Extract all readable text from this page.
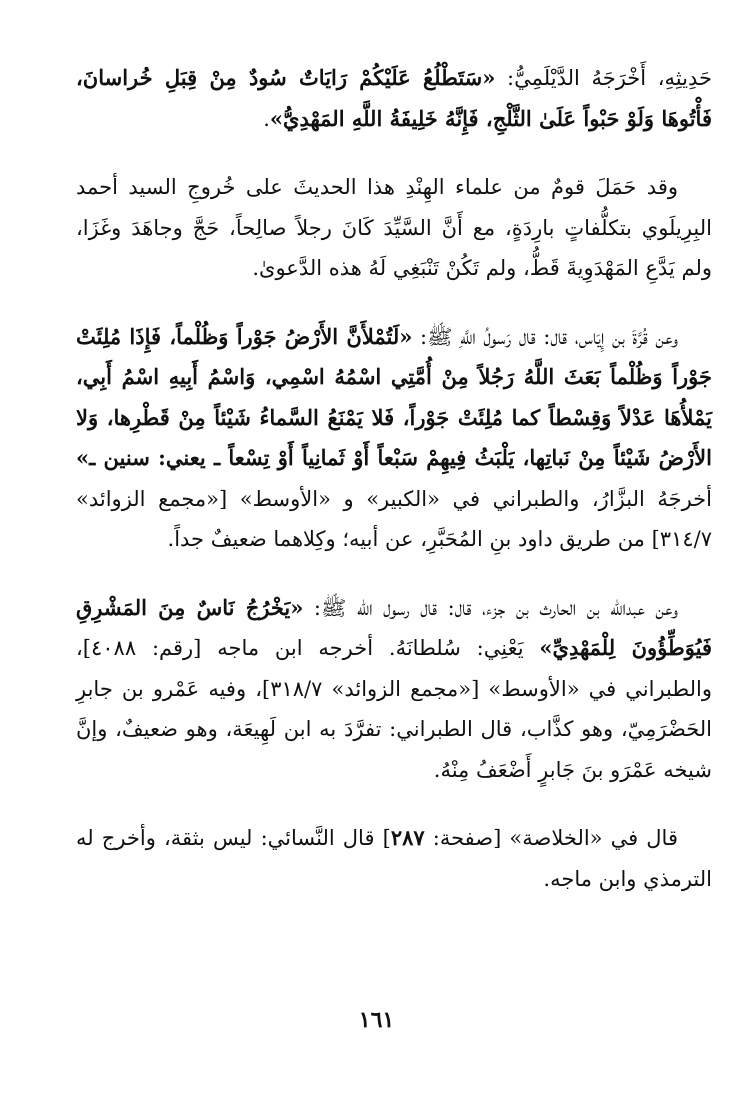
حَدِيثِهِ، أَخْرَجَهُ الدَّيْلَمِيُّ: «سَتَطْلُعُ عَلَيْكُمْ رَايَاتٌ سُودٌ مِنْ قِبَلِ خُراسانَ، فَأْتُوهَا وَلَوْ حَبْواً عَلَىٰ الثَّلْجِ، فَإِنَّهُ خَلِيفَةُ اللَّهِ المَهْدِيُّ».

وقد حَمَلَ قومٌ من علماء الهِنْدِ هذا الحديثَ على خُروجِ السيد أحمد البِرِيلَوي بتكلُّفاتٍ بارِدَةٍ، مع أَنَّ السَّيِّدَ كَانَ رجلاً صالِحاً، حَجَّ وجاهَدَ وغَزَا، ولم يَدَّعِ المَهْدَوِيةَ قَطُّ، ولم تَكُنْ تَنْبَغِي لَهُ هذه الدَّعوىٰ.

وعن قُرَّةَ بن إِيَاس، قال: قال رَسولُ اللَّهِ ﷺ: «لَتُمْلأَنَّ الأَرْضُ جَوْراً وَظُلْماً، فَإِذَا مُلِئَتْ جَوْراً وَظُلْماً بَعَثَ اللَّهُ رَجُلاً مِنْ أُمَّتِي اسْمُهُ اسْمِي، وَاسْمُ أَبِيهِ اسْمُ أَبِي، يَمْلأُهَا عَدْلاً وَقِسْطاً كما مُلِئَتْ جَوْراً، فَلا يَمْنَعُ السَّماءُ شَيْئاً مِنْ قَطْرِها، وَلا الأَرْضُ شَيْئاً مِنْ نَباتِها، يَلْبَثُ فِيهِمْ سَبْعاً أَوْ ثَمانِياً أَوْ تِسْعاً ـ يعني: سنين ـ» أخرجَهُ البزَّارُ، والطبراني في «الكبير» و «الأوسط» [«مجمع الزوائد» ٣١٤/٧] من طريق داود بنِ المُحَبَّرِ، عن أبيه؛ وكِلاهما ضعيفٌ جداً.

وعن عبدالله بن الحارث بن جزء، قال: قال رسول الله ﷺ: «يَخْرُجُ نَاسٌ مِنَ المَشْرِقِ فَيُوَطِّؤُونَ لِلْمَهْدِيِّ» يَعْنِي: سُلطانَهُ. أخرجه ابن ماجه [رقم: ٤٠٨٨]، والطبراني في «الأوسط» [«مجمع الزوائد» ٣١٨/٧]، وفيه عَمْرو بن جابرِ الحَضْرَمِيّ، وهو كذَّاب، قال الطبراني: تفرَّدَ به ابن لَهِيعَة، وهو ضعيفٌ، وإنَّ شيخه عَمْرَو بنَ جَابرٍ أَضْعَفُ مِنْهُ.

قال في «الخلاصة» [صفحة: ٢٨٧] قال النَّسائي: ليس بثقة، وأخرج له الترمذي وابن ماجه.

١٦١
